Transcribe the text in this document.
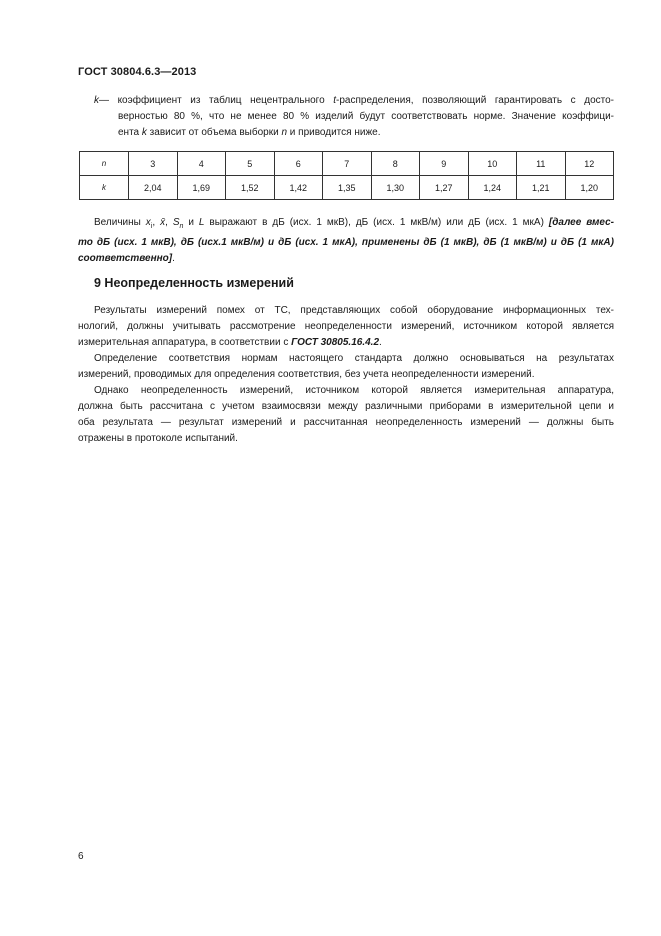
ГОСТ 30804.6.3—2013

k— коэффициент из таблиц нецентрального t-распределения, позволяющий гарантировать с досто-

верностью 80 %, что не менее 80 % изделий будут соответствовать норме. Значение коэффици-
ента k зависит от объема выборки n и приводится ниже.

n	3	4	5	6	7	8	9	10	11	12
k	2,04	1,69	1,52	1,42	1,35	1,30	1,27	1,24	1,21	1,20

Величины $x_i$, x̄, $S_n$ и L выражают в дБ (исх. 1 мкВ), дБ (исх. 1 мкВ/м) или дБ (исх. 1 мкА) [далее вмес-
то дБ (исх. 1 мкВ), дБ (исх.1 мкВ/м) и дБ (исх. 1 мкА), применены дБ (1 мкВ), дБ (1 мкВ/м) и дБ (1 мкА)
соответственно].

9 Неопределенность измерений

Результаты измерений помех от ТС, представляющих собой оборудование информационных тех-
нологий, должны учитывать рассмотрение неопределенности измерений, источником которой является
измерительная аппаратура, в соответствии с ГОСТ 30805.16.4.2.

Определение соответствия нормам настоящего стандарта должно основываться на результатах
измерений, проводимых для определения соответствия, без учета неопределенности измерений.

Однако неопределенность измерений, источником которой является измерительная аппаратура,
должна быть рассчитана с учетом взаимосвязи между различными приборами в измерительной цепи и
оба результата — результат измерений и рассчитанная неопределенность измерений — должны быть
отражены в протоколе испытаний.

6
